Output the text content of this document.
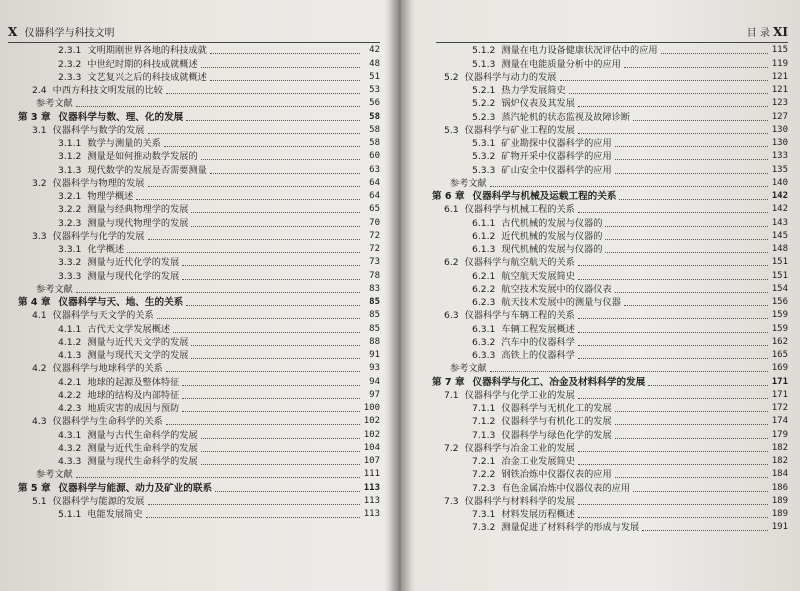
X 仪器科学与科技文明
2.3.1 文明期刚世界各地的科技成就	42
2.3.2 中世纪时期的科技成就概述	48
2.3.3 文艺复兴之后的科技成就概述	51
2.4 中西方科技文明发展的比较	53
参考文献	56
第 3 章 仪器科学与数、理、化的发展	58
3.1 仪器科学与数学的发展	58
3.1.1 数学与测量的关系	58
3.1.2 测量是如何推动数学发展的	60
3.1.3 现代数学的发展是否需要测量	63
3.2 仪器科学与物理的发展	64
3.2.1 物理学概述	64
3.2.2 测量与经典物理学的发展	65
3.2.3 测量与现代物理学的发展	70
3.3 仪器科学与化学的发展	72
3.3.1 化学概述	72
3.3.2 测量与近代化学的发展	73
3.3.3 测量与现代化学的发展	78
参考文献	83
第 4 章 仪器科学与天、地、生的关系	85
4.1 仪器科学与天文学的关系	85
4.1.1 古代天文学发展概述	85
4.1.2 测量与近代天文学的发展	88
4.1.3 测量与现代天文学的发展	91
4.2 仪器科学与地球科学的关系	93
4.2.1 地球的起源及整体特征	94
4.2.2 地球的结构及内部特征	97
4.2.3 地质灾害的成因与预防	100
4.3 仪器科学与生命科学的关系	102
4.3.1 测量与古代生命科学的发展	102
4.3.2 测量与近代生命科学的发展	104
4.3.3 测量与现代生命科学的发展	107
参考文献	111
第 5 章 仪器科学与能源、动力及矿业的联系	113
5.1 仪器科学与能源的发展	113
5.1.1 电能发展简史	113
目 录 XI
5.1.2 测量在电力设备健康状况评估中的应用	115
5.1.3 测量在电能质量分析中的应用	119
5.2 仪器科学与动力的发展	121
5.2.1 热力学发展简史	121
5.2.2 锅炉仪表及其发展	123
5.2.3 蒸汽轮机的状态监视及故障诊断	127
5.3 仪器科学与矿业工程的发展	130
5.3.1 矿业勘探中仪器科学的应用	130
5.3.2 矿物开采中仪器科学的应用	133
5.3.3 矿山安全中仪器科学的应用	135
参考文献	140
第 6 章 仪器科学与机械及运载工程的关系	142
6.1 仪器科学与机械工程的关系	142
6.1.1 古代机械的发展与仪器的	143
6.1.2 近代机械的发展与仪器的	145
6.1.3 现代机械的发展与仪器的	148
6.2 仪器科学与航空航天的关系	151
6.2.1 航空航天发展简史	151
6.2.2 航空技术发展中的仪器仪表	154
6.2.3 航天技术发展中的测量与仪器	156
6.3 仪器科学与车辆工程的关系	159
6.3.1 车辆工程发展概述	159
6.3.2 汽车中的仪器科学	162
6.3.3 高铁上的仪器科学	165
参考文献	169
第 7 章 仪器科学与化工、冶金及材料科学的发展	171
7.1 仪器科学与化学工业的发展	171
7.1.1 仪器科学与无机化工的发展	172
7.1.2 仪器科学与有机化工的发展	174
7.1.3 仪器科学与绿色化学的发展	179
7.2 仪器科学与冶金工业的发展	182
7.2.1 冶金工业发展简史	182
7.2.2 钢铁冶炼中仪器仪表的应用	184
7.2.3 有色金属冶炼中仪器仪表的应用	186
7.3 仪器科学与材料科学的发展	189
7.3.1 材料发展历程概述	189
7.3.2 测量促进了材料科学的形成与发展	191
